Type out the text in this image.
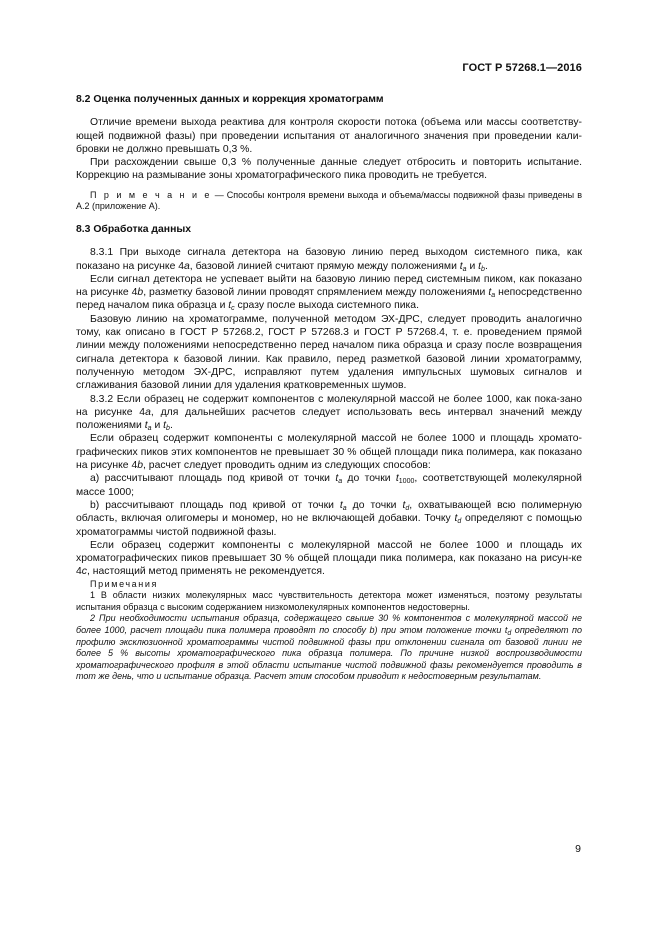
ГОСТ Р 57268.1—2016
8.2 Оценка полученных данных и коррекция хроматограмм

Отличие времени выхода реактива для контроля скорости потока (объема или массы соответству-ющей подвижной фазы) при проведении испытания от аналогичного значения при проведении кали-бровки не должно превышать 0,3 %.

При расхождении свыше 0,3 % полученные данные следует отбросить и повторить испытание. Коррекцию на размывание зоны хроматографического пика проводить не требуется.

П р и м е ч а н и е — Способы контроля времени выхода и объема/массы подвижной фазы приведены в А.2 (приложение А).

8.3 Обработка данных

8.3.1 При выходе сигнала детектора на базовую линию перед выходом системного пика, как показано на рисунке 4а, базовой линией считают прямую между положениями $t_a$ и $t_b$.

Если сигнал детектора не успевает выйти на базовую линию перед системным пиком, как показано на рисунке 4b, разметку базовой линии проводят спрямлением между положениями $t_a$ непосредственно перед началом пика образца и $t_c$ сразу после выхода системного пика.

Базовую линию на хроматограмме, полученной методом ЭХ-ДРС, следует проводить аналогично тому, как описано в ГОСТ Р 57268.2, ГОСТ Р 57268.3 и ГОСТ Р 57268.4, т. е. проведением прямой линии между положениями непосредственно перед началом пика образца и сразу после возвращения сигнала детектора к базовой линии. Как правило, перед разметкой базовой линии хроматограмму, полученную методом ЭХ-ДРС, исправляют путем удаления импульсных шумовых сигналов и сглаживания базовой линии для удаления кратковременных шумов.

8.3.2 Если образец не содержит компонентов с молекулярной массой не более 1000, как пока-зано на рисунке 4a, для дальнейших расчетов следует использовать весь интервал значений между положениями $t_a$ и $t_b$.

Если образец содержит компоненты с молекулярной массой не более 1000 и площадь хромато-графических пиков этих компонентов не превышает 30 % общей площади пика полимера, как показано на рисунке 4b, расчет следует проводить одним из следующих способов:

a) рассчитывают площадь под кривой от точки $t_a$ до точки $t_{1000}$, соответствующей молекулярной массе 1000;

b) рассчитывают площадь под кривой от точки $t_a$ до точки $t_d$, охватывающей всю полимерную область, включая олигомеры и мономер, но не включающей добавки. Точку $t_d$ определяют с помощью хроматограммы чистой подвижной фазы.

Если образец содержит компоненты с молекулярной массой не более 1000 и площадь их хроматографических пиков превышает 30 % общей площади пика полимера, как показано на рисун-ке 4c, настоящий метод применять не рекомендуется.

Примечания

1 В области низких молекулярных масс чувствительность детектора может изменяться, поэтому результаты испытания образца с высоким содержанием низкомолекулярных компонентов недостоверны.

2 При необходимости испытания образца, содержащего свыше 30 % компонентов с молекулярной массой не более 1000, расчет площади пика полимера проводят по способу b) при этом положение точки $t_d$ определяют по профилю эксклюзионной хроматограммы чистой подвижной фазы при отклонении сигнала от базовой линии не более 5 % высоты хроматографического пика образца полимера. По причине низкой воспроизводимости хроматографического профиля в этой области испытание чистой подвижной фазы рекомендуется проводить в тот же день, что и испытание образца. Расчет этим способом приводит к недостоверным результатам.

9
